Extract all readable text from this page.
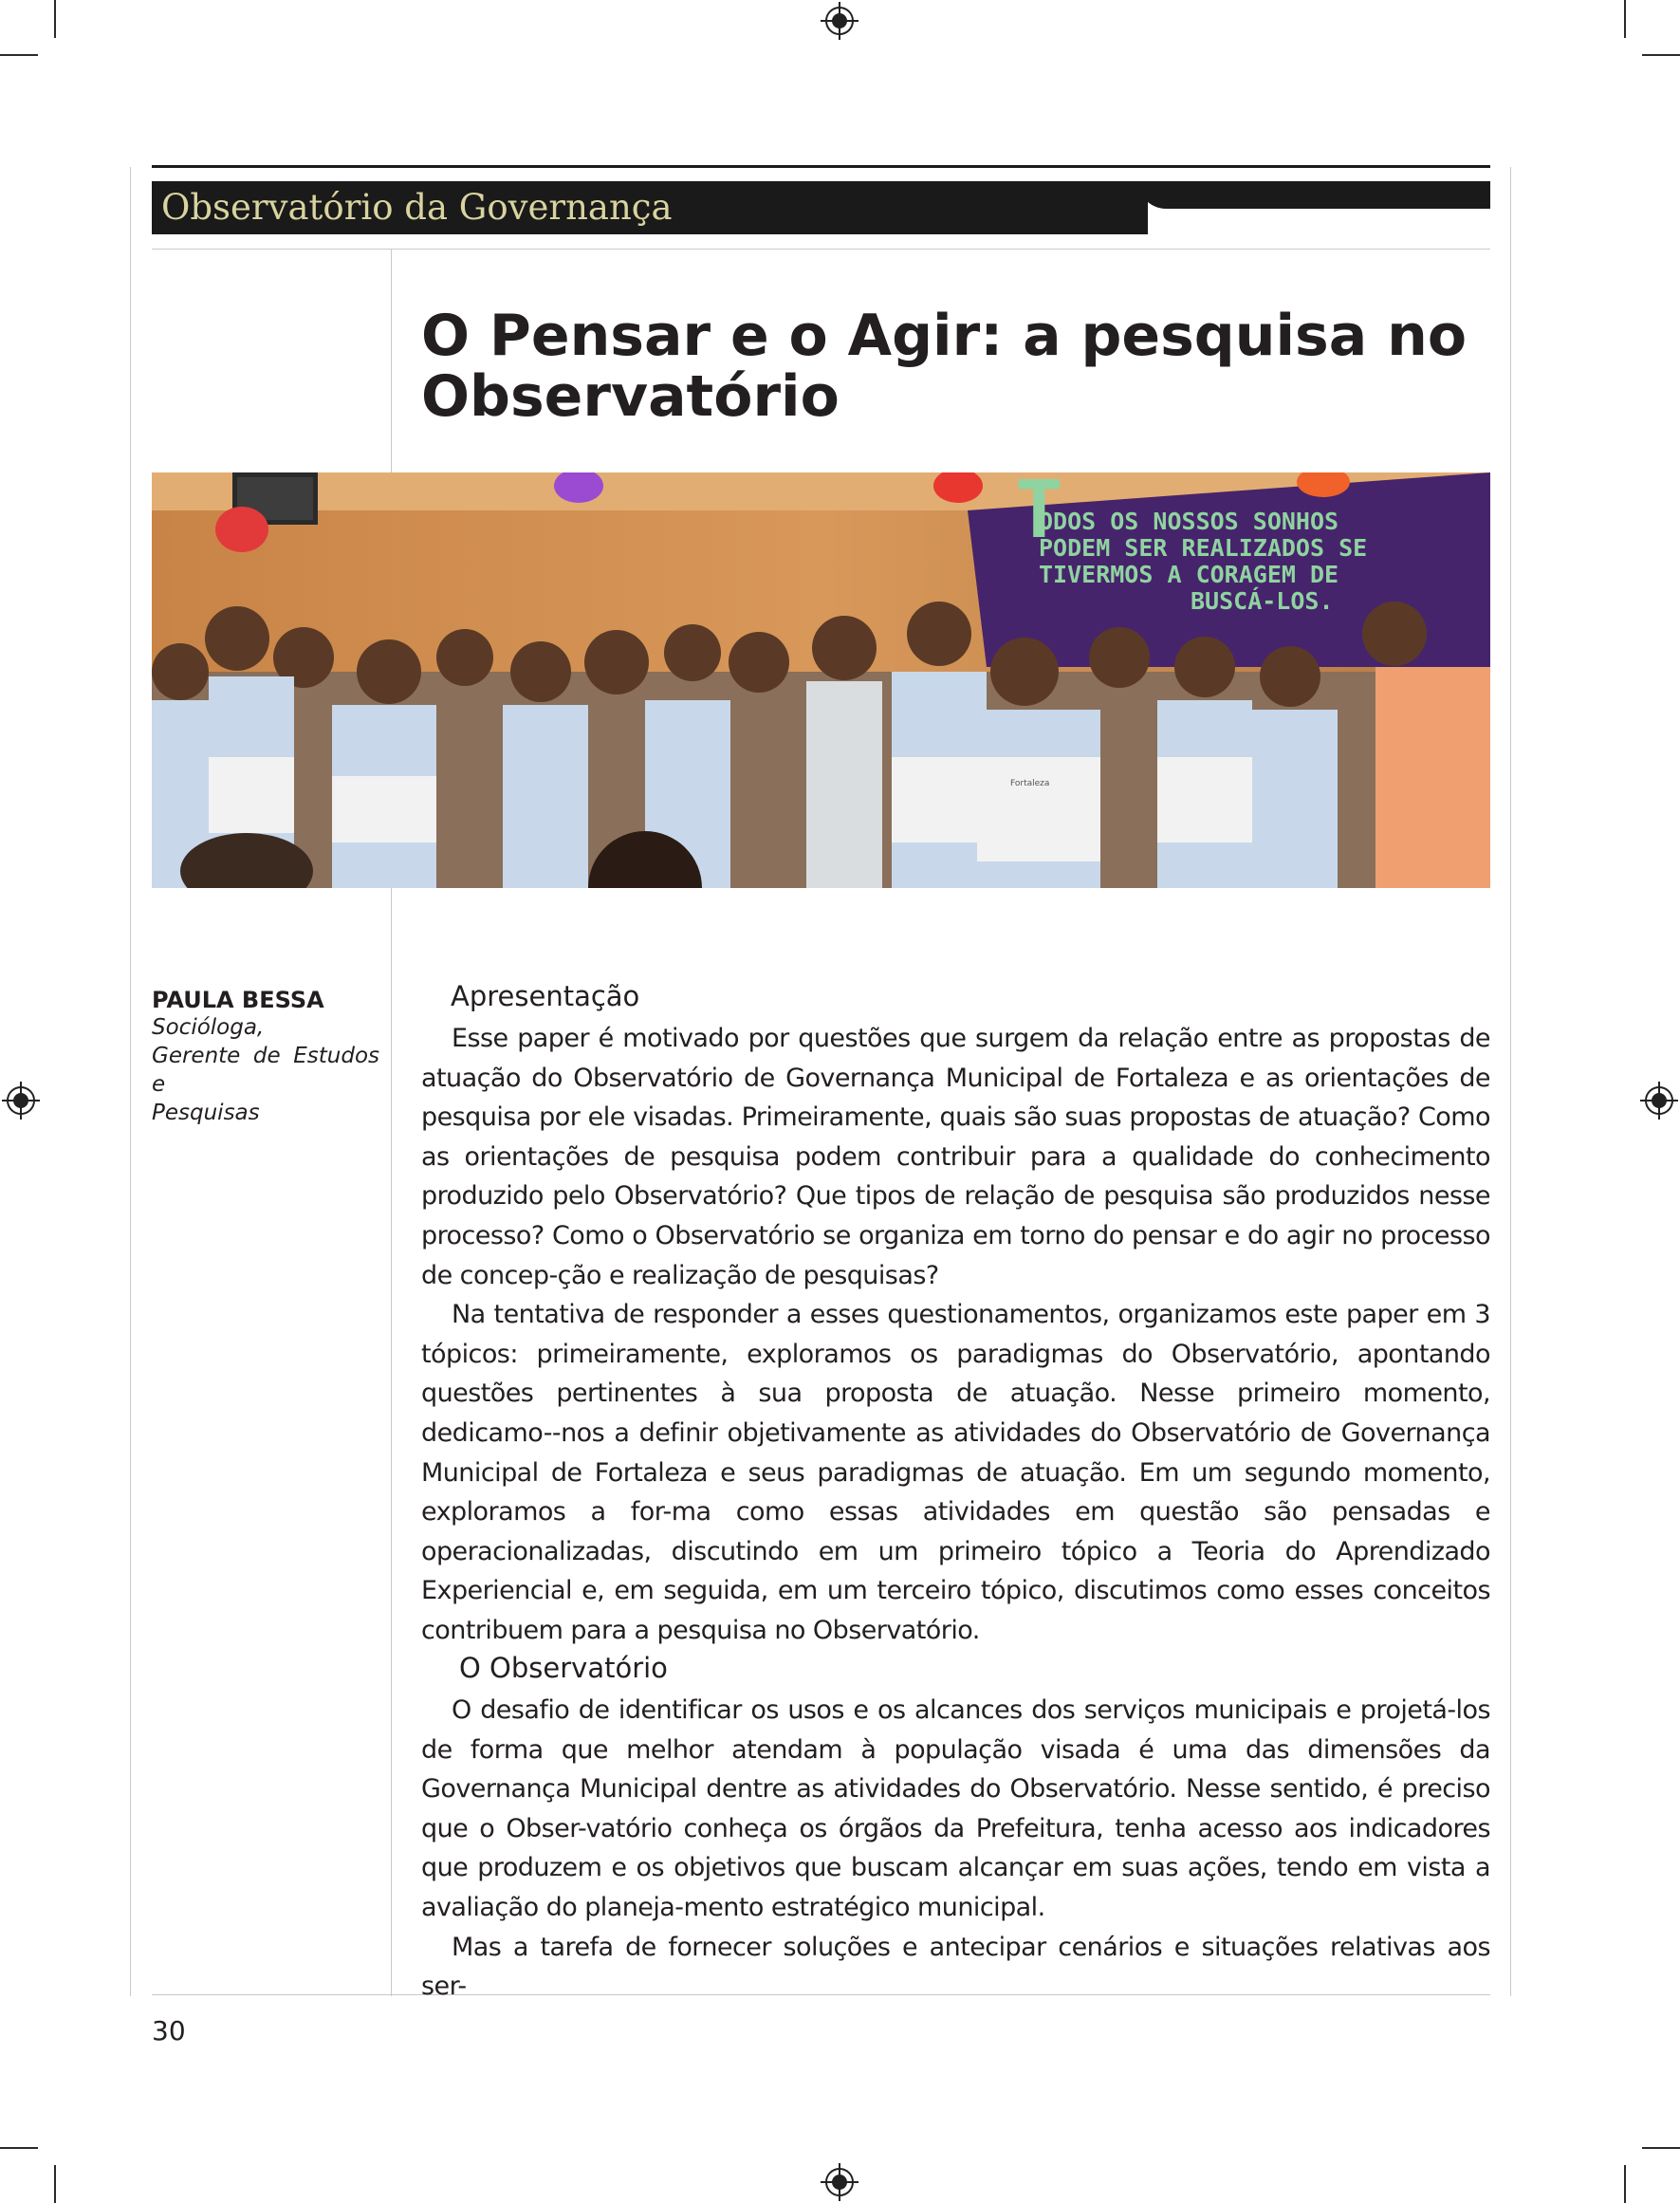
Observatório da Governança
O Pensar e o Agir: a pesquisa no
Observatório
T
ODOS OS NOSSOS SONHOS
PODEM SER REALIZADOS SE
TIVERMOS A CORAGEM DE
BUSCÁ-LOS.
Fortaleza
PAULA BESSA
Socióloga,
Gerente de Estudos e
Pesquisas
Apresentação

Esse paper é motivado por questões que surgem da relação entre as propostas de atuação do Observatório de Governança Municipal de Fortaleza e as orientações de pesquisa por ele visadas. Primeiramente, quais são suas propostas de atuação? Como as orientações de pesquisa podem contribuir para a qualidade do conhecimento produzido pelo Observatório? Que tipos de relação de pesquisa são produzidos nesse processo? Como o Observatório se organiza em torno do pensar e do agir no processo de concep-ção e realização de pesquisas?

Na tentativa de responder a esses questionamentos, organizamos este paper em 3 tópicos: primeiramente, exploramos os paradigmas do Observatório, apontando questões pertinentes à sua proposta de atuação. Nesse primeiro momento, dedicamo--nos a definir objetivamente as atividades do Observatório de Governança Municipal de Fortaleza e seus paradigmas de atuação. Em um segundo momento, exploramos a for-ma como essas atividades em questão são pensadas e operacionalizadas, discutindo em um primeiro tópico a Teoria do Aprendizado Experiencial e, em seguida, em um terceiro tópico, discutimos como esses conceitos contribuem para a pesquisa no Observatório.

O Observatório

O desafio de identificar os usos e os alcances dos serviços municipais e projetá-los de forma que melhor atendam à população visada é uma das dimensões da Governança Municipal dentre as atividades do Observatório. Nesse sentido, é preciso que o Obser-vatório conheça os órgãos da Prefeitura, tenha acesso aos indicadores que produzem e os objetivos que buscam alcançar em suas ações, tendo em vista a avaliação do planeja-mento estratégico municipal.

Mas a tarefa de fornecer soluções e antecipar cenários e situações relativas aos ser-

30
